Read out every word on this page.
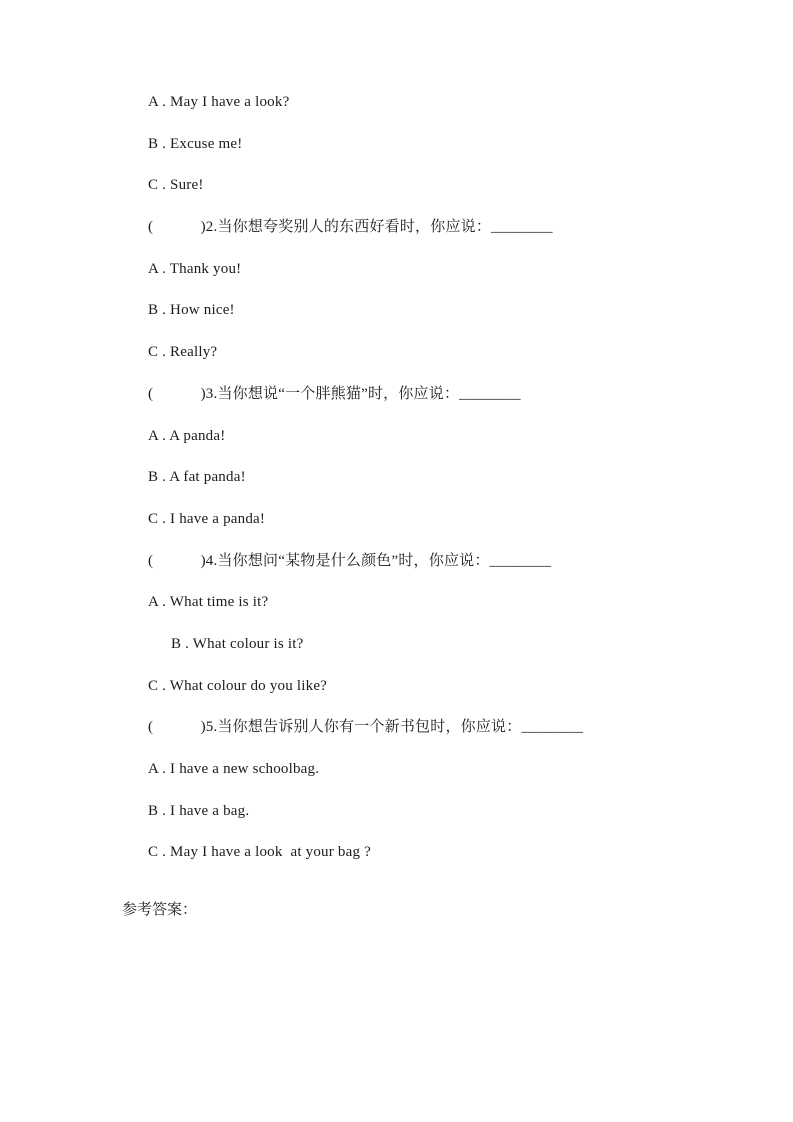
A . May I have a look?
B . Excuse me!
C . Sure!
(            )2.当你想夸奖别人的东西好看时，你应说：________
A . Thank you!
B . How nice!
C . Really?
(            )3.当你想说“一个胖熊猫”时，你应说：________
A . A panda!
B . A fat panda!
C . I have a panda!
(            )4.当你想问“某物是什么颜色”时，你应说：________
A . What time is it?
B . What colour is it?
C . What colour do you like?
(            )5.当你想告诉别人你有一个新书包时，你应说：________
A . I have a new schoolbag.
B . I have a bag.
C . May I have a look  at your bag ?
参考答案：
